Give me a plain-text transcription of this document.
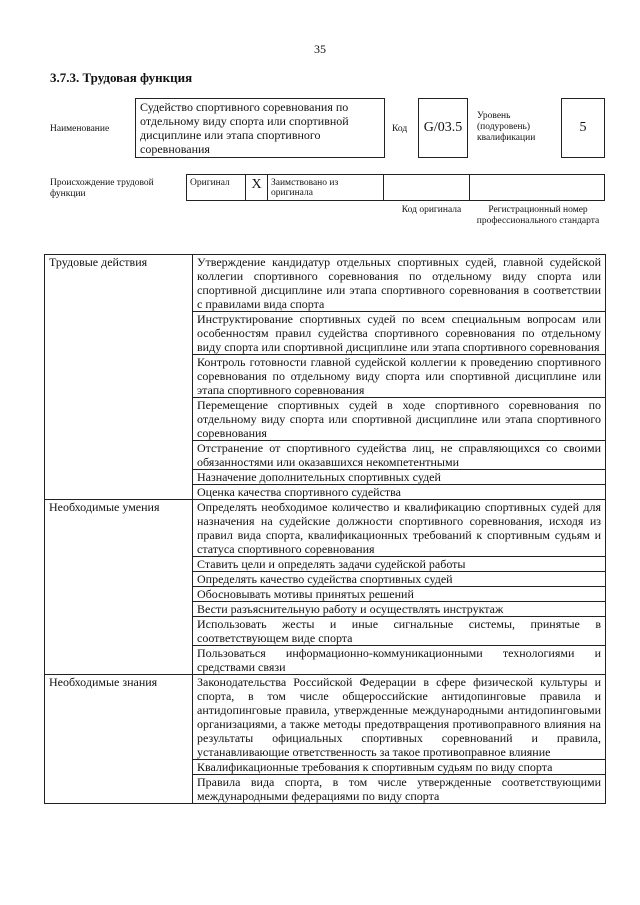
35
3.7.3. Трудовая функция
Наименование
Судейство спортивного соревнования по отдельному виду спорта или спортивной дисциплине или этапа спортивного соревнования
Код	G/03.5
Уровень (подуровень) квалификации
5
Происхождение трудовой функции
Оригинал	X Заимствовано из оригинала
Код оригинала	Регистрационный номер профессионального стандарта
Трудовые действия	Утверждение кандидатур отдельных спортивных судей, главной судейской коллегии спортивного соревнования по отдельному виду спорта или спортивной дисциплине или этапа спортивного соревнования в соответствии с правилами вида спорта
	Инструктирование спортивных судей по всем специальным вопросам или особенностям правил судейства спортивного соревнования по отдельному виду спорта или спортивной дисциплине или этапа спортивного соревнования
	Контроль готовности главной судейской коллегии к проведению спортивного соревнования по отдельному виду спорта или спортивной дисциплине или этапа спортивного соревнования
	Перемещение спортивных судей в ходе спортивного соревнования по отдельному виду спорта или спортивной дисциплине или этапа спортивного соревнования
	Отстранение от спортивного судейства лиц, не справляющихся со своими обязанностями или оказавшихся некомпетентными
	Назначение дополнительных спортивных судей
	Оценка качества спортивного судейства
Необходимые умения	Определять необходимое количество и квалификацию спортивных судей для назначения на судейские должности спортивного соревнования, исходя из правил вида спорта, квалификационных требований к спортивным судьям и статуса спортивного соревнования
	Ставить цели и определять задачи судейской работы
	Определять качество судейства спортивных судей
	Обосновывать мотивы принятых решений
	Вести разъяснительную работу и осуществлять инструктаж
	Использовать жесты и иные сигнальные системы, принятые в соответствующем виде спорта
	Пользоваться информационно-коммуникационными технологиями и средствами связи
Необходимые знания	Законодательства Российской Федерации в сфере физической культуры и спорта, в том числе общероссийские антидопинговые правила и антидопинговые правила, утвержденные международными антидопинговыми организациями, а также методы предотвращения противоправного влияния на результаты официальных спортивных соревнований и правила, устанавливающие ответственность за такое противоправное влияние
	Квалификационные требования к спортивным судьям по виду спорта
	Правила вида спорта, в том числе утвержденные соответствующими международными федерациями по виду спорта
